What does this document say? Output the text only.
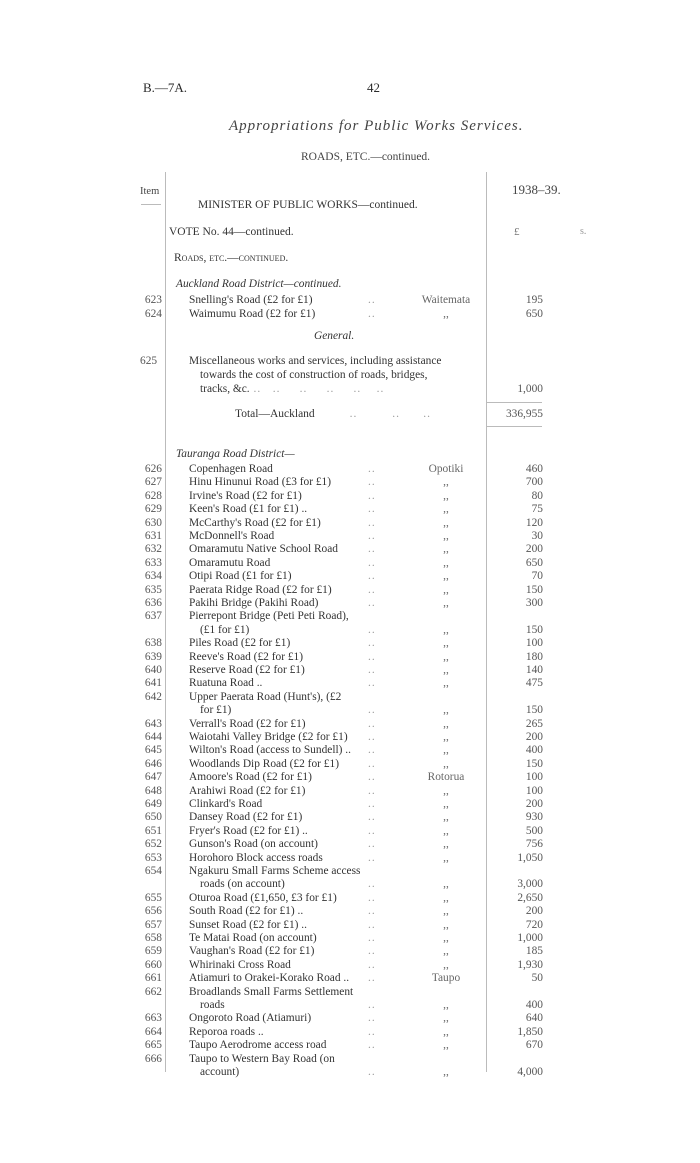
B.—7A.	42
Appropriations for Public Works Services.
ROADS, ETC.—continued.
Item	1938–39.
MINISTER OF PUBLIC WORKS—continued.
VOTE No. 44—continued.	£	s.
Roads, etc.—continued.
Auckland Road District—continued.
623 Snelling's Road (£2 for £1)	..	Waitemata	195
624 Waimumu Road (£2 for £1)	..	,,	650
General.
625	Miscellaneous works and services, including assistance
towards the cost of construction of roads, bridges,
tracks, &c. ..   ..     ..     ..     ..    ..	1,000
Total—Auckland         ..         ..      ..	336,955
Tauranga Road District—
626 Copenhagen Road	..	Opotiki	460
627 Hinu Hinunui Road (£3 for £1)	..	,,	700
628 Irvine's Road (£2 for £1)	..	,,	80
629 Keen's Road (£1 for £1) ..	..	,,	75
630 McCarthy's Road (£2 for £1)	..	,,	120
631 McDonnell's Road	..	,,	30
632 Omaramutu Native School Road	..	,,	200
633 Omaramutu Road	..	,,	650
634 Otipi Road (£1 for £1)	..	,,	70
635 Paerata Ridge Road (£2 for £1)	..	,,	150
636 Pakihi Bridge (Pakihi Road)	..	,,	300
637 Pierrepont Bridge (Peti Peti Road),
(£1 for £1)	..	,,	150
638 Piles Road (£2 for £1)	..	,,	100
639 Reeve's Road (£2 for £1)	..	,,	180
640 Reserve Road (£2 for £1)	..	,,	140
641 Ruatuna Road ..	..	,,	475
642 Upper Paerata Road (Hunt's), (£2
for £1)	..	,,	150
643 Verrall's Road (£2 for £1)	..	,,	265
644 Waiotahi Valley Bridge (£2 for £1) ..	,,	200
645 Wilton's Road (access to Sundell) .. ..	,,	400
646 Woodlands Dip Road (£2 for £1)	..	,,	150
647 Amoore's Road (£2 for £1)	..	Rotorua	100
648 Arahiwi Road (£2 for £1)	..	,,	100
649 Clinkard's Road	..	,,	200
650 Dansey Road (£2 for £1)	..	,,	930
651 Fryer's Road (£2 for £1) ..	..	,,	500
652 Gunson's Road (on account)	..	,,	756
653 Horohoro Block access roads	..	,,	1,050
654 Ngakuru Small Farms Scheme access
roads (on account)	..	,,	3,000
655 Oturoa Road (£1,650, £3 for £1)	..	,,	2,650
656 South Road (£2 for £1) ..	..	,,	200
657 Sunset Road (£2 for £1) ..	..	,,	720
658 Te Matai Road (on account)	..	,,	1,000
659 Vaughan's Road (£2 for £1)	..	,,	185
660 Whirinaki Cross Road	..	,,	1,930
661 Atiamuri to Orakei-Korako Road .. ..	Taupo	50
662 Broadlands Small Farms Settlement
roads	..	,,	400
663 Ongoroto Road (Atiamuri)	..	,,	640
664 Reporoa roads ..	..	,,	1,850
665 Taupo Aerodrome access road	..	,,	670
666 Taupo to Western Bay Road (on
account)	..	,,	4,000
